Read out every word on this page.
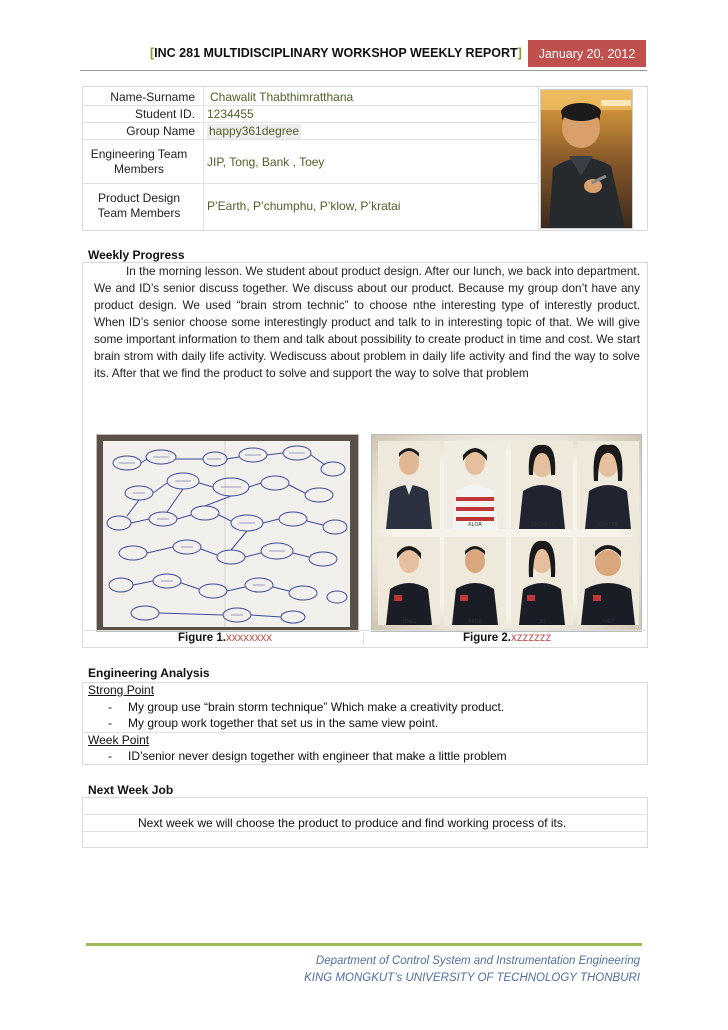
[INC 281 MULTIDISCIPLINARY WORKSHOP WEEKLY REPORT]	January 20, 2012
Name-Surname Chawalit Thabthimratthana
Student ID. 1234455
Group Name happy361degree
Engineering Team
Members	JIP, Tong, Bank , Toey
Product Design
Team Members	P’Earth, P’chumphu, P’klow, P’kratai
Weekly Progress

In the morning lesson. We student about product design. After our lunch, we back into department. We and ID’s senior discuss together. We discuss about our product. Because my group don’t have any product design. We used “brain strom technic” to choose nthe interesting type of interestly product. When ID’s senior choose some interestingly product and talk to in interesting topic of that. We will give some important information to them and talk about possibility to create product in time and cost. We start brain strom with daily life activity. Wediscuss about problem in daily life activity and find the way to solve its. After that we find the product to solve and support the way to solve that problem

EARTH	KLOA	CHOMPU	KRATYE
TONG	BANK	JID	TOEY
Figure 1.xxxxxxxx	Figure 2.xzzzzzz
Engineering Analysis
Strong Point
- My group use “brain storm technique” Which make a creativity product.
- My group work together that set us in the same view point.
Week Point
- ID’senior never design together with engineer that make a little problem
Next Week Job
Next week we will choose the product to produce and find working process of its.
Department of Control System and Instrumentation Engineering
KING MONGKUT’s UNIVERSITY OF TECHNOLOGY THONBURI
